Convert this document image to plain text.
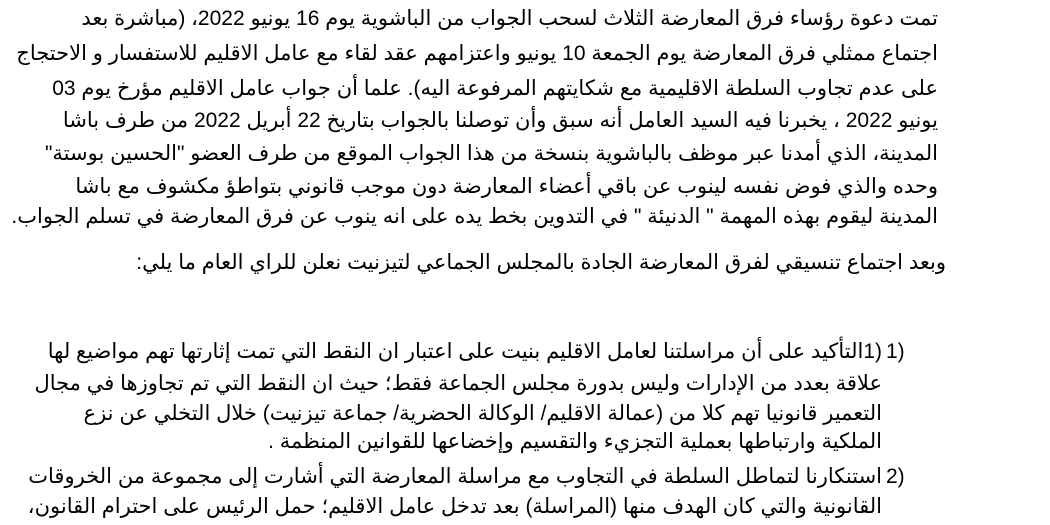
تمت دعوة رؤساء فرق المعارضة الثلاث لسحب الجواب من الباشوية يوم 16 يونيو 2022، (مباشرة بعد
اجتماع ممثلي فرق المعارضة يوم الجمعة 10 يونيو واعتزامهم عقد لقاء مع عامل الاقليم للاستفسار و الاحتجاج
على عدم تجاوب السلطة الاقليمية مع شكايتهم المرفوعة اليه). علما أن جواب عامل الاقليم مؤرخ يوم 03
يونيو 2022 ، يخبرنا فيه السيد العامل أنه سبق وأن توصلنا بالجواب بتاريخ 22 أبريل 2022 من طرف باشا
المدينة، الذي أمدنا عبر موظف بالباشوية بنسخة من هذا الجواب الموقع من طرف العضو "الحسين بوستة"
وحده والذي فوض نفسه لينوب عن باقي أعضاء المعارضة دون موجب قانوني بتواطؤ مكشوف مع باشا
المدينة ليقوم بهذه المهمة " الدنيئة " في التدوين بخط يده على انه ينوب عن فرق المعارضة في تسلم الجواب.
وبعد اجتماع تنسيقي لفرق المعارضة الجادة بالمجلس الجماعي لتيزنيت نعلن للراي العام ما يلي:
1)
(1التأكيد على أن مراسلتنا لعامل الاقليم بنيت على اعتبار ان النقط التي تمت إثارتها تهم مواضيع لها
علاقة بعدد من الإدارات وليس بدورة مجلس الجماعة فقط؛ حيث ان النقط التي تم تجاوزها في مجال
التعمير قانونيا تهم كلا من (عمالة الاقليم/ الوكالة الحضرية/ جماعة تيزنيت) خلال التخلي عن نزع
الملكية وارتباطها بعملية التجزيء والتقسيم وإخضاعها للقوانين المنظمة .
2)
استنكارنا لتماطل السلطة في التجاوب مع مراسلة المعارضة التي أشارت إلى مجموعة من الخروقات
القانونية والتي كان الهدف منها (المراسلة) بعد تدخل عامل الاقليم؛ حمل الرئيس على احترام القانون،
